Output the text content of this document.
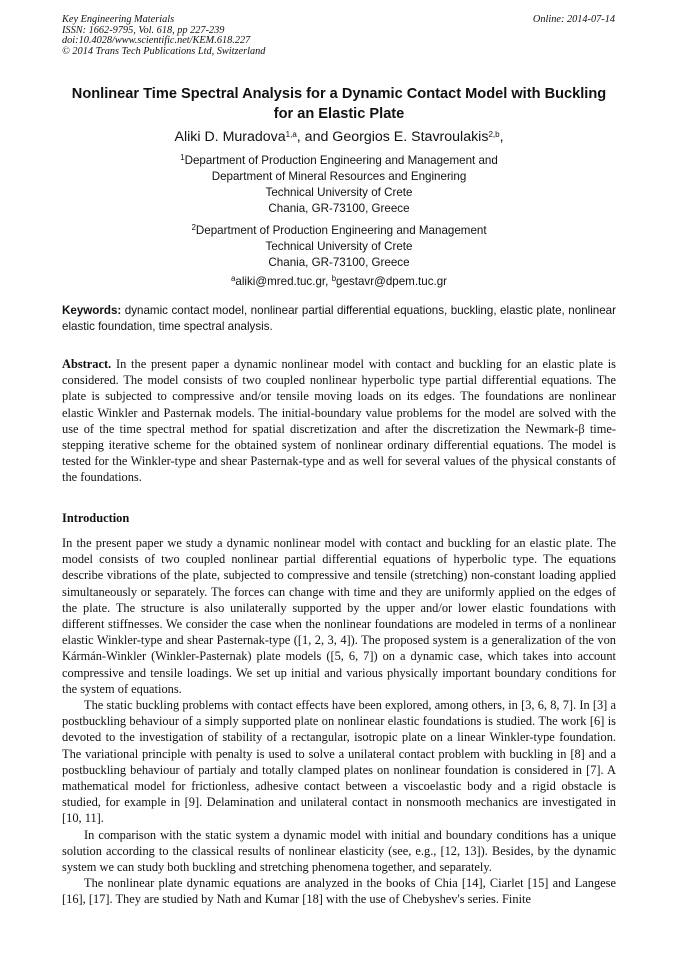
Key Engineering Materials
ISSN: 1662-9795, Vol. 618, pp 227-239
doi:10.4028/www.scientific.net/KEM.618.227
© 2014 Trans Tech Publications Ltd, Switzerland
Online: 2014-07-14
Nonlinear Time Spectral Analysis for a Dynamic Contact Model with Buckling for an Elastic Plate
Aliki D. Muradova$^{1,a}$, and Georgios E. Stavroulakis$^{2,b}$,
$^1$Department of Production Engineering and Management and
Department of Mineral Resources and Enginering
Technical University of Crete
Chania, GR-73100, Greece
$^2$Department of Production Engineering and Management
Technical University of Crete
Chania, GR-73100, Greece
$^a$aliki@mred.tuc.gr, $^b$gestavr@dpem.tuc.gr
Keywords: dynamic contact model, nonlinear partial differential equations, buckling, elastic plate, nonlinear elastic foundation, time spectral analysis.
Abstract. In the present paper a dynamic nonlinear model with contact and buckling for an elastic plate is considered. The model consists of two coupled nonlinear hyperbolic type partial differential equations. The plate is subjected to compressive and/or tensile moving loads on its edges. The foundations are nonlinear elastic Winkler and Pasternak models. The initial-boundary value problems for the model are solved with the use of the time spectral method for spatial discretization and after the discretization the Newmark-β time-stepping iterative scheme for the obtained system of nonlinear ordinary differential equations. The model is tested for the Winkler-type and shear Pasternak-type and as well for several values of the physical constants of the foundations.
Introduction

In the present paper we study a dynamic nonlinear model with contact and buckling for an elastic plate. The model consists of two coupled nonlinear partial differential equations of hyperbolic type. The equations describe vibrations of the plate, subjected to compressive and tensile (stretching) non-constant loading applied simultaneously or separately. The forces can change with time and they are uniformly applied on the edges of the plate. The structure is also unilaterally supported by the upper and/or lower elastic foundations with different stiffnesses. We consider the case when the nonlinear foundations are modeled in terms of a nonlinear elastic Winkler-type and shear Pasternak-type ([1, 2, 3, 4]). The proposed system is a generalization of the von Kármán-Winkler (Winkler-Pasternak) plate models ([5, 6, 7]) on a dynamic case, which takes into account compressive and tensile loadings. We set up initial and various physically important boundary conditions for the system of equations.

The static buckling problems with contact effects have been explored, among others, in [3, 6, 8, 7]. In [3] a postbuckling behaviour of a simply supported plate on nonlinear elastic foundations is studied. The work [6] is devoted to the investigation of stability of a rectangular, isotropic plate on a linear Winkler-type foundation. The variational principle with penalty is used to solve a unilateral contact problem with buckling in [8] and a postbuckling behaviour of partialy and totally clamped plates on nonlinear foundation is considered in [7]. A mathematical model for frictionless, adhesive contact between a viscoelastic body and a rigid obstacle is studied, for example in [9]. Delamination and unilateral contact in nonsmooth mechanics are investigated in [10, 11].

In comparison with the static system a dynamic model with initial and boundary conditions has a unique solution according to the classical results of nonlinear elasticity (see, e.g., [12, 13]). Besides, by the dynamic system we can study both buckling and stretching phenomena together, and separately.

The nonlinear plate dynamic equations are analyzed in the books of Chia [14], Ciarlet [15] and Langese [16], [17]. They are studied by Nath and Kumar [18] with the use of Chebyshev's series. Finite
